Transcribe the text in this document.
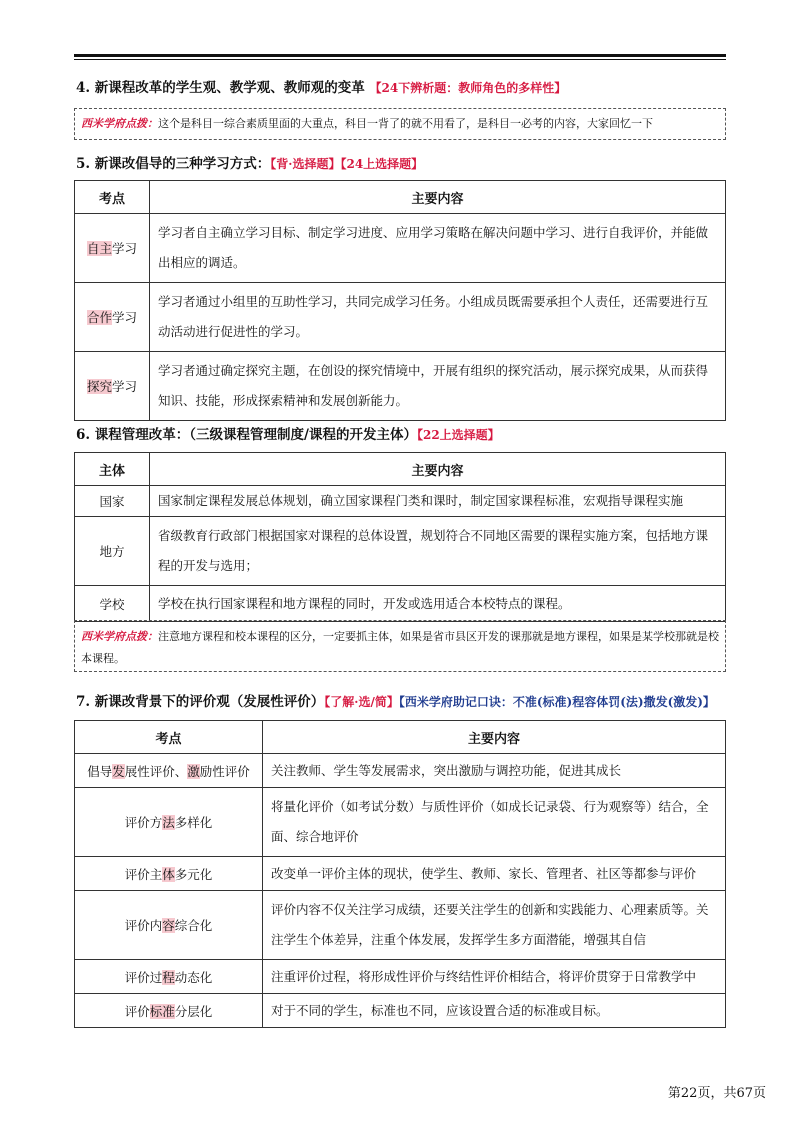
4. 新课程改革的学生观、教学观、教师观的变革 【24下辨析题：教师角色的多样性】
西米学府点拨：这个是科目一综合素质里面的大重点，科目一背了的就不用看了，是科目一必考的内容，大家回忆一下
5. 新课改倡导的三种学习方式：【背·选择题】【24上选择题】
考点	主要内容
自主学习	学习者自主确立学习目标、制定学习进度、应用学习策略在解决问题中学习、进行自我评价，并能做出相应的调适。
合作学习	学习者通过小组里的互助性学习，共同完成学习任务。小组成员既需要承担个人责任，还需要进行互动活动进行促进性的学习。
探究学习	学习者通过确定探究主题，在创设的探究情境中，开展有组织的探究活动，展示探究成果，从而获得知识、技能，形成探索精神和发展创新能力。
6. 课程管理改革：（三级课程管理制度/课程的开发主体）【22上选择题】
主体	主要内容
国家	国家制定课程发展总体规划，确立国家课程门类和课时，制定国家课程标准，宏观指导课程实施
地方	省级教育行政部门根据国家对课程的总体设置，规划符合不同地区需要的课程实施方案，包括地方课程的开发与选用；
学校	学校在执行国家课程和地方课程的同时，开发或选用适合本校特点的课程。
西米学府点拨：注意地方课程和校本课程的区分，一定要抓主体，如果是省市县区开发的课那就是地方课程，如果是某学校那就是校本课程。
7. 新课改背景下的评价观（发展性评价）【了解·选/简】【西米学府助记口诀：不准(标准)程容体罚(法)撒发(激发)】
考点	主要内容
倡导发展性评价、激励性评价	关注教师、学生等发展需求，突出激励与调控功能，促进其成长
评价方法多样化	将量化评价（如考试分数）与质性评价（如成长记录袋、行为观察等）结合，全面、综合地评价
评价主体多元化	改变单一评价主体的现状，使学生、教师、家长、管理者、社区等都参与评价
评价内容综合化	评价内容不仅关注学习成绩，还要关注学生的创新和实践能力、心理素质等。关注学生个体差异，注重个体发展，发挥学生多方面潜能，增强其自信
评价过程动态化	注重评价过程，将形成性评价与终结性评价相结合，将评价贯穿于日常教学中
评价标准分层化	对于不同的学生，标准也不同，应该设置合适的标准或目标。
第22页，共67页
